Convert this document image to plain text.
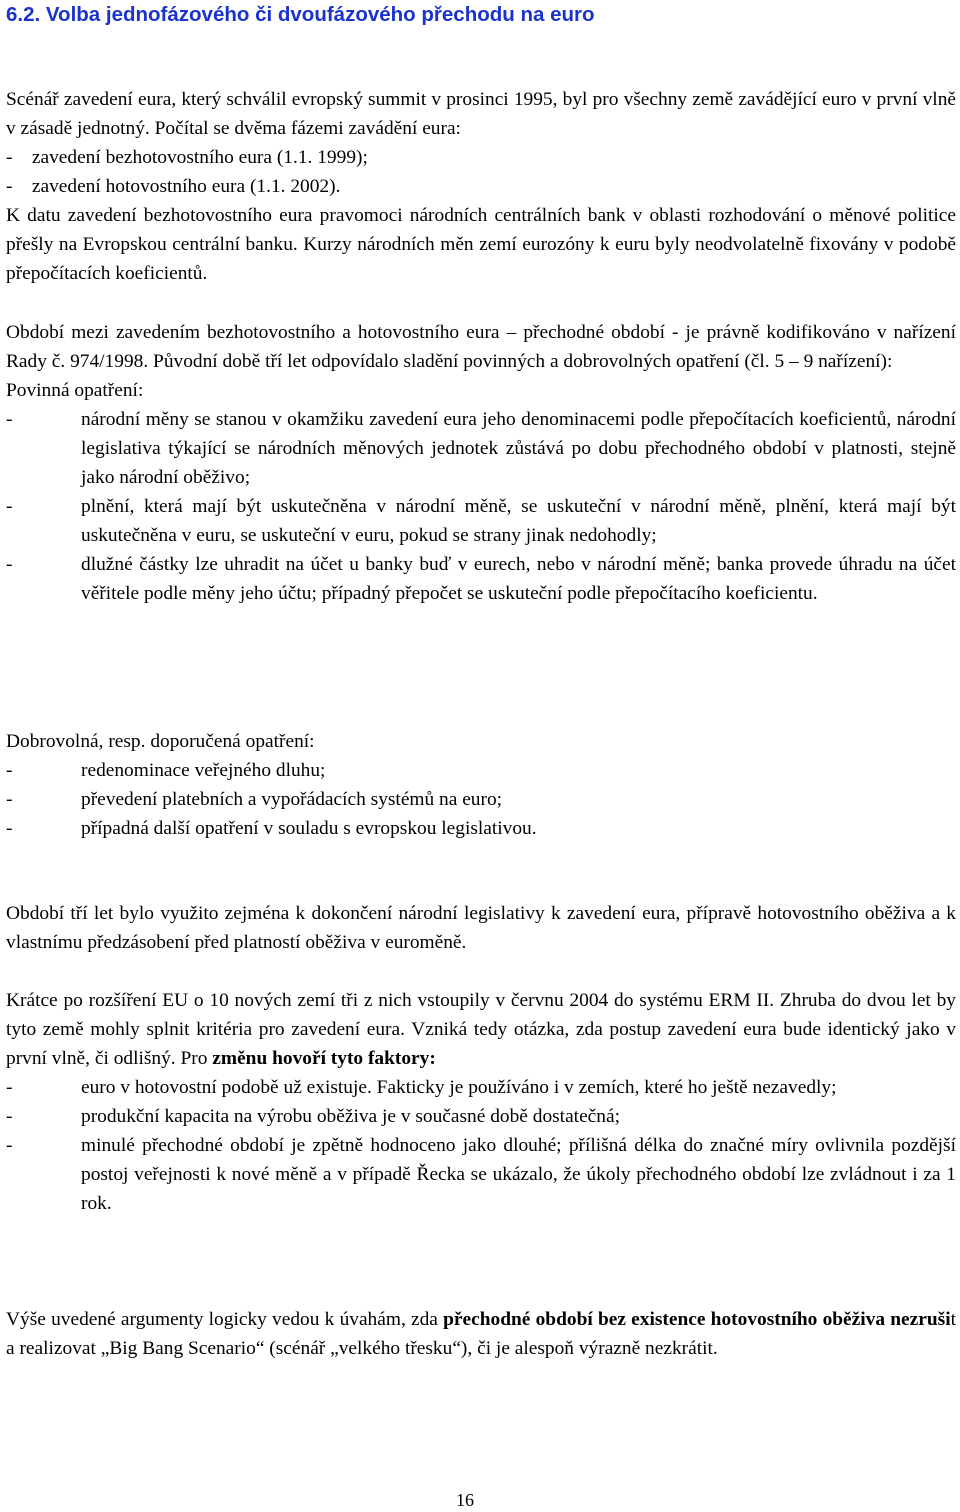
6.2. Volba jednofázového či dvoufázového přechodu na euro
Scénář zavedení eura, který schválil evropský summit v prosinci 1995, byl pro všechny země zavádějící euro v první vlně v zásadě jednotný. Počítal se dvěma fázemi zavádění eura:
-    zavedení bezhotovostního eura (1.1. 1999);
-    zavedení hotovostního eura (1.1. 2002).
K datu zavedení bezhotovostního eura pravomoci národních centrálních bank v oblasti rozhodování o měnové politice přešly na Evropskou centrální banku. Kurzy národních měn zemí eurozóny k euru byly neodvolatelně fixovány v podobě přepočítacích koeficientů.
Období mezi zavedením bezhotovostního a hotovostního eura – přechodné období - je právně kodifikováno v nařízení Rady č. 974/1998. Původní době tří let odpovídalo sladění povinných a dobrovolných opatření (čl. 5 – 9 nařízení):
Povinná opatření:
-	národní měny se stanou v okamžiku zavedení eura jeho denominacemi podle přepočítacích koeficientů, národní legislativa týkající se národních měnových jednotek zůstává po dobu přechodného období v platnosti, stejně jako národní oběživo;
-	plnění, která mají být uskutečněna v národní měně, se uskuteční v národní měně, plnění, která mají být uskutečněna v euru, se uskuteční v euru, pokud se strany jinak nedohodly;
-	dlužné částky lze uhradit na účet u banky buď v eurech, nebo v národní měně; banka provede úhradu na účet věřitele podle měny jeho účtu; případný přepočet se uskuteční podle přepočítacího koeficientu.
Dobrovolná, resp. doporučená opatření:
-	redenominace veřejného dluhu;
-	převedení platebních a vypořádacích systémů na euro;
-	případná další opatření v souladu s evropskou legislativou.
Období tří let bylo využito zejména k dokončení národní legislativy k zavedení eura, přípravě hotovostního oběživa a k vlastnímu předzásobení před platností oběživa v euroměně.
Krátce po rozšíření EU o 10 nových zemí tři z nich vstoupily v červnu 2004 do systému ERM II. Zhruba do dvou let by tyto země mohly splnit kritéria pro zavedení eura. Vzniká tedy otázka, zda postup zavedení eura bude identický jako v první vlně, či odlišný. Pro změnu hovoří tyto faktory:
-	euro v hotovostní podobě už existuje. Fakticky je používáno i v zemích, které ho ještě nezavedly;
-	produkční kapacita na výrobu oběživa je v současné době dostatečná;
-	minulé přechodné období je zpětně hodnoceno jako dlouhé; přílišná délka do značné míry ovlivnila pozdější postoj veřejnosti k nové měně a v případě Řecka se ukázalo, že úkoly přechodného období lze zvládnout i za 1 rok.
Výše uvedené argumenty logicky vedou k úvahám, zda přechodné období bez existence hotovostního oběživa nezrušit a realizovat „Big Bang Scenario“ (scénář „velkého třesku“), či je alespoň výrazně nezkrátit.
16
